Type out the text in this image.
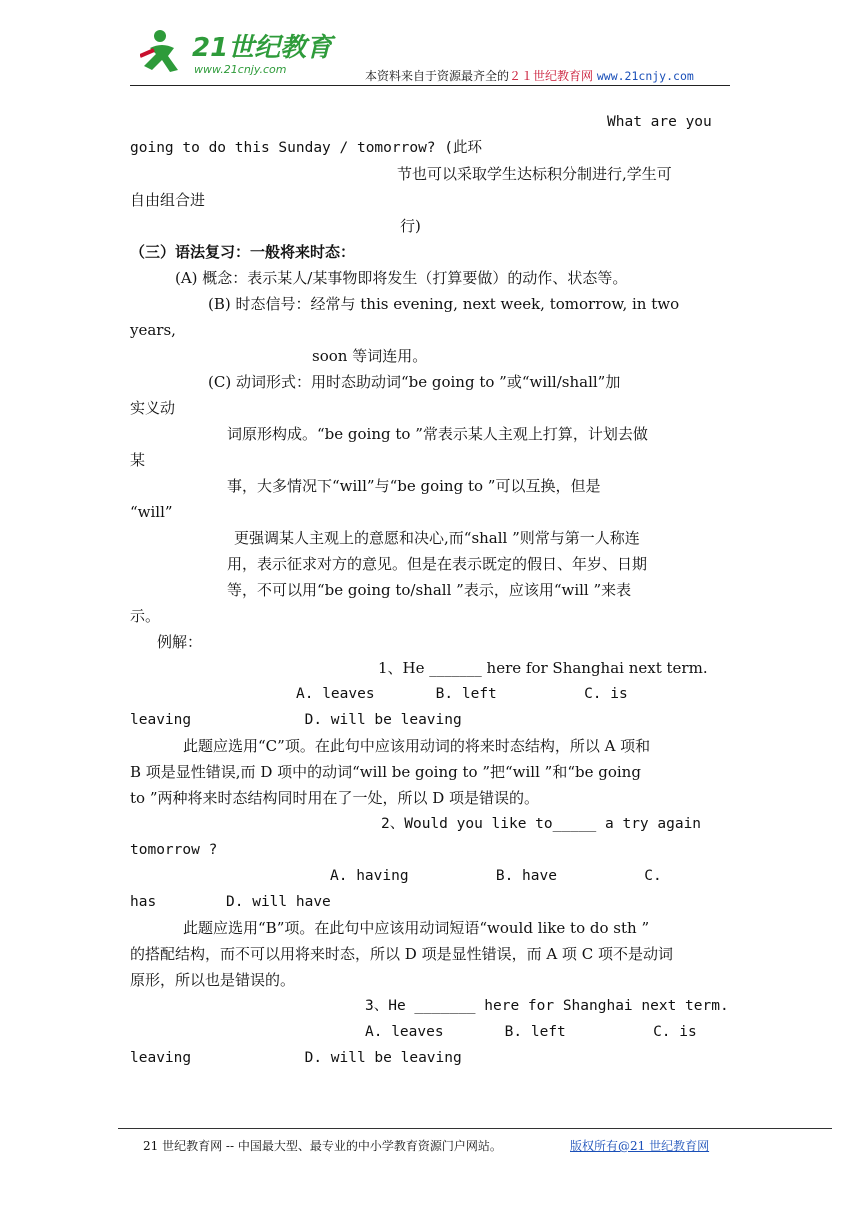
21世纪教育
www.21cnjy.com	本资料来自于资源最齐全的２１世纪教育网 www.21cnjy.com
What are you
going to do this Sunday / tomorrow? (此环
节也可以采取学生达标积分制进行,学生可
自由组合进
行)
（三）语法复习：一般将来时态：
(A) 概念：表示某人/某事物即将发生（打算要做）的动作、状态等。
(B) 时态信号：经常与 this evening, next week, tomorrow, in two
years,
soon 等词连用。
(C) 动词形式：用时态助动词“be going to ”或“will/shall”加
实义动
词原形构成。“be going to ”常表示某人主观上打算，计划去做
某
事，大多情况下“will”与“be going to ”可以互换，但是
“will”
更强调某人主观上的意愿和决心,而“shall ”则常与第一人称连
用，表示征求对方的意见。但是在表示既定的假日、年岁、日期
等，不可以用“be going to/shall ”表示，应该用“will ”来表
示。
例解：
1、He _______ here for Shanghai next term.
A. leaves       B. left          C. is
leaving             D. will be leaving
此题应选用“C”项。在此句中应该用动词的将来时态结构，所以 A 项和
B 项是显性错误,而 D 项中的动词“will be going to ”把“will ”和“be going
to ”两种将来时态结构同时用在了一处，所以 D 项是错误的。
2、Would you like to_____ a try again
tomorrow ?
A. having          B. have          C.
has        D. will have
此题应选用“B”项。在此句中应该用动词短语“would like to do sth ”
的搭配结构，而不可以用将来时态，所以 D 项是显性错误，而 A 项 C 项不是动词
原形，所以也是错误的。
3、He _______ here for Shanghai next term.
A. leaves       B. left          C. is
leaving             D. will be leaving
21 世纪教育网 -- 中国最大型、最专业的中小学教育资源门户网站。	版权所有@21 世纪教育网
